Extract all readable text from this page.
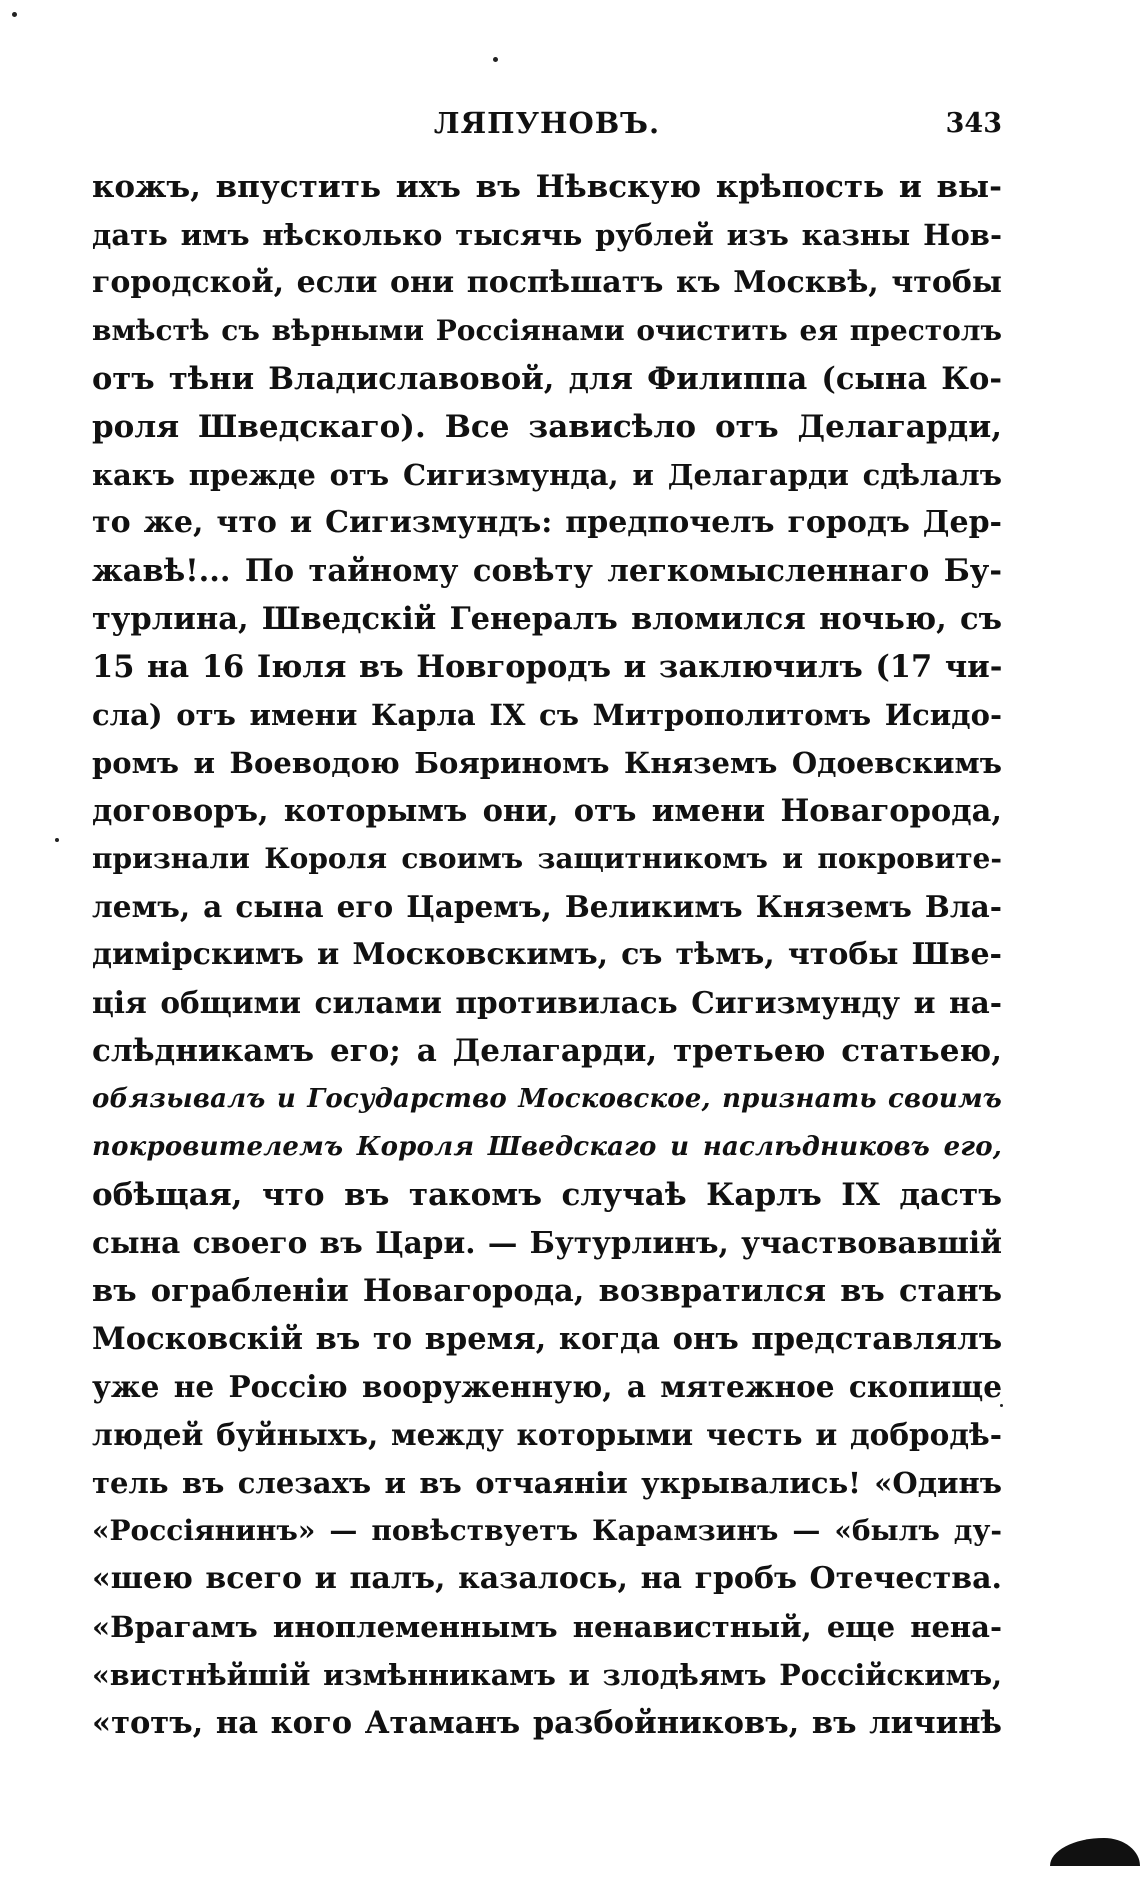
ЛЯПУНОВЪ.	343
кожъ, впустить ихъ въ Нѣвскую крѣпость и вы-
дать имъ нѣсколько тысячь рублей изъ казны Нов-
городской, если они поспѣшатъ къ Москвѣ, чтобы
вмѣстѣ съ вѣрными Россіянами очистить ея престолъ
отъ тѣни Владиславовой, для Филиппа (сына Ко-
роля Шведскаго). Все зависѣло отъ Делагарди,
какъ прежде отъ Сигизмунда, и Делагарди сдѣлалъ
то же, что и Сигизмундъ: предпочелъ городъ Дер-
жавѣ!... По тайному совѣту легкомысленнаго Бу-
турлина, Шведскій Генералъ вломился ночью, съ
15 на 16 Іюля въ Новгородъ и заключилъ (17 чи-
сла) отъ имени Карла IX съ Митрополитомъ Исидо-
ромъ и Воеводою Бояриномъ Княземъ Одоевскимъ
договоръ, которымъ они, отъ имени Новагорода,
признали Короля своимъ защитникомъ и покровите-
лемъ, а сына его Царемъ, Великимъ Княземъ Вла-
димірскимъ и Московскимъ, съ тѣмъ, чтобы Шве-
ція общими силами противилась Сигизмунду и на-
слѣдникамъ его; а Делагарди, третьею статьею,
обязывалъ и Государство Московское, признать своимъ
покровителемъ Короля Шведскаго и наслѣдниковъ его,
обѣщая, что въ такомъ случаѣ Карлъ IX дастъ
сына своего въ Цари. — Бутурлинъ, участвовавшій
въ ограбленіи Новагорода, возвратился въ станъ
Московскій въ то время, когда онъ представлялъ
уже не Россію вооруженную, а мятежное скопище
людей буйныхъ, между которыми честь и добродѣ-
тель въ слезахъ и въ отчаяніи укрывались! «Одинъ
«Россіянинъ» — повѣствуетъ Карамзинъ — «былъ ду-
«шею всего и палъ, казалось, на гробъ Отечества.
«Врагамъ иноплеменнымъ ненавистный, еще нена-
«вистнѣйшій измѣнникамъ и злодѣямъ Россійскимъ,
«тотъ, на кого Атаманъ разбойниковъ, въ личинѣ
